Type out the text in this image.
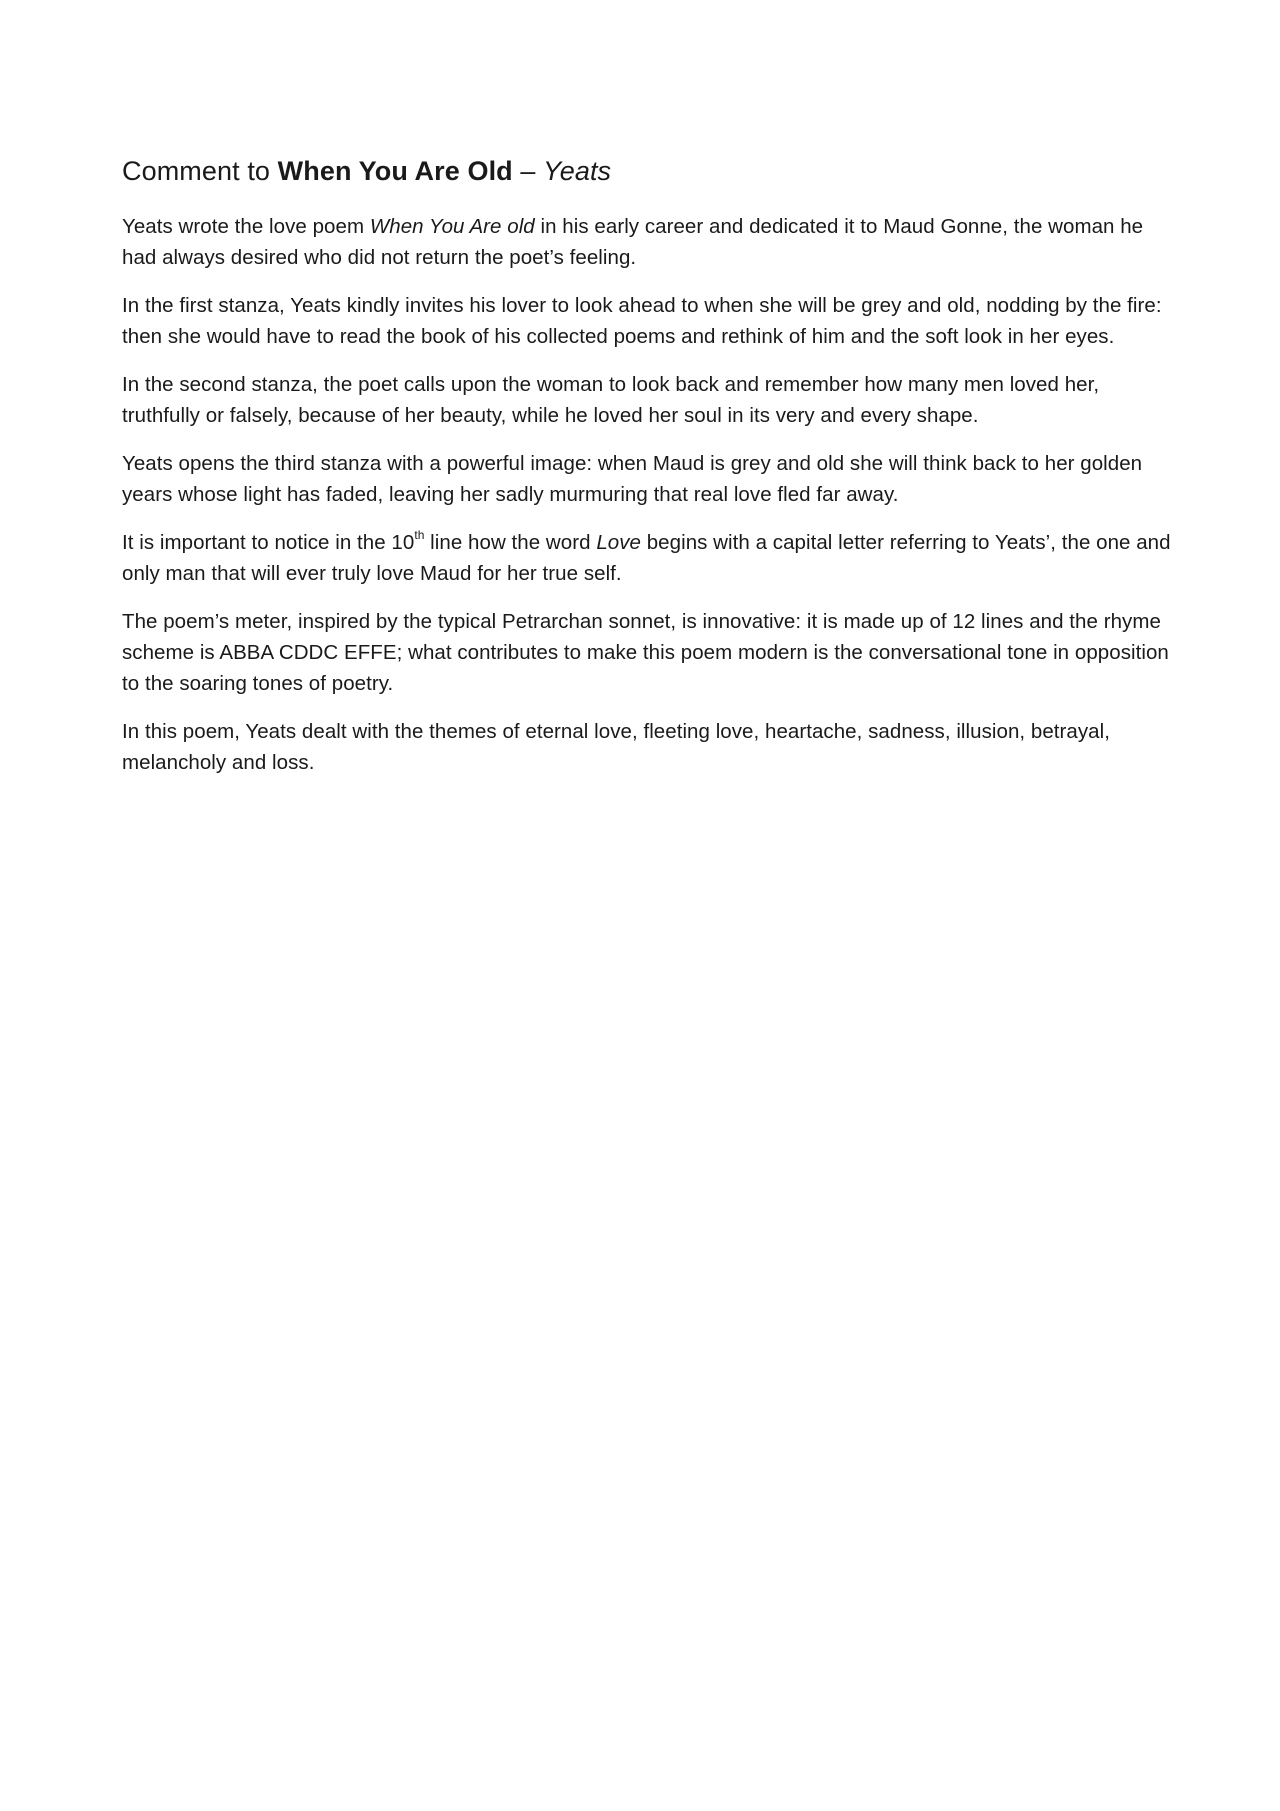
Comment to When You Are Old – Yeats

Yeats wrote the love poem When You Are old in his early career and dedicated it to Maud Gonne, the woman he had always desired who did not return the poet’s feeling.

In the first stanza, Yeats kindly invites his lover to look ahead to when she will be grey and old, nodding by the fire: then she would have to read the book of his collected poems and rethink of him and the soft look in her eyes.

In the second stanza, the poet calls upon the woman to look back and remember how many men loved her, truthfully or falsely, because of her beauty, while he loved her soul in its very and every shape.

Yeats opens the third stanza with a powerful image: when Maud is grey and old she will think back to her golden years whose light has faded, leaving her sadly murmuring that real love fled far away.

It is important to notice in the 10th line how the word Love begins with a capital letter referring to Yeats’, the one and only man that will ever truly love Maud for her true self.

The poem’s meter, inspired by the typical Petrarchan sonnet, is innovative: it is made up of 12 lines and the rhyme scheme is ABBA CDDC EFFE; what contributes to make this poem modern is the conversational tone in opposition to the soaring tones of poetry.

In this poem, Yeats dealt with the themes of eternal love, fleeting love, heartache, sadness, illusion, betrayal, melancholy and loss.
